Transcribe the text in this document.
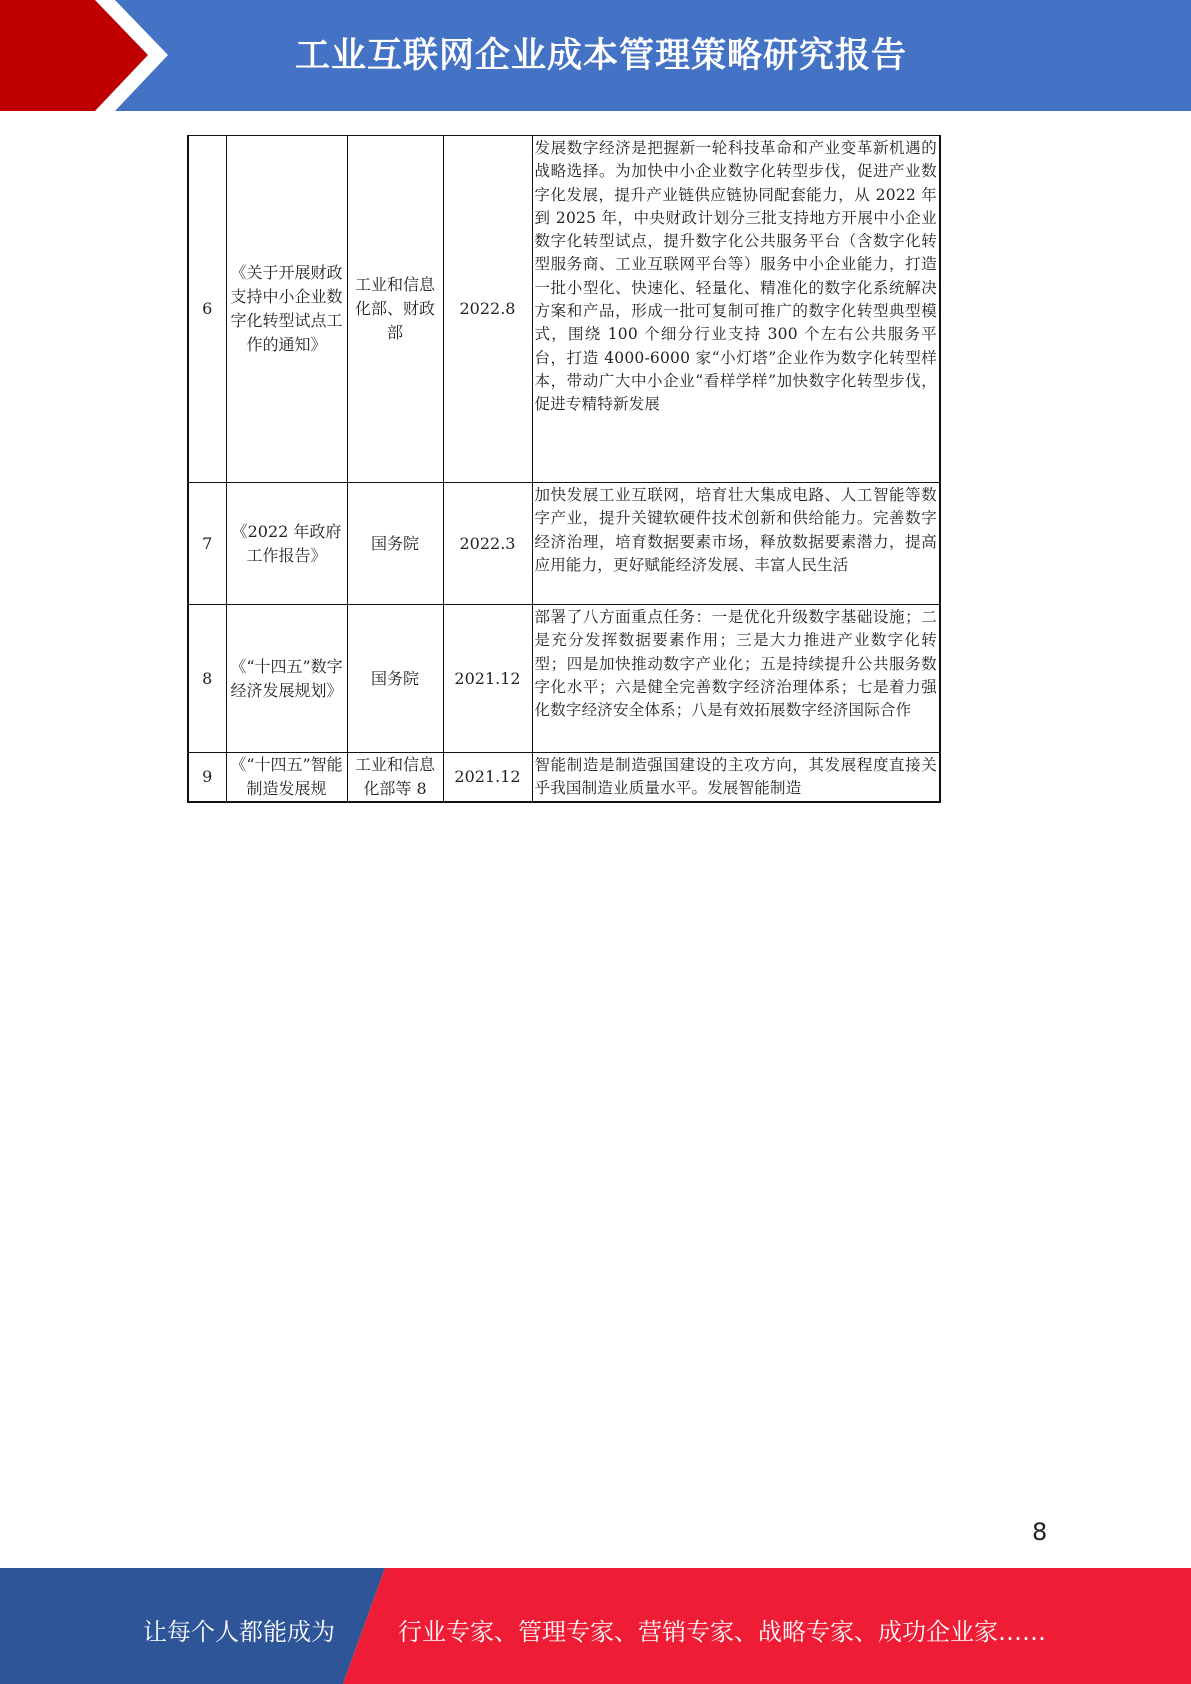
工业互联网企业成本管理策略研究报告
6	《关于开展财政支持中小企业数字化转型试点工作的通知》	工业和信息化部、财政部	2022.8	发展数字经济是把握新一轮科技革命和产业变革新机遇的战略选择。为加快中小企业数字化转型步伐，促进产业数字化发展，提升产业链供应链协同配套能力，从 2022 年到 2025 年，中央财政计划分三批支持地方开展中小企业数字化转型试点，提升数字化公共服务平台（含数字化转型服务商、工业互联网平台等）服务中小企业能力，打造一批小型化、快速化、轻量化、精准化的数字化系统解决方案和产品，形成一批可复制可推广的数字化转型典型模式，围绕 100 个细分行业支持 300 个左右公共服务平台，打造 4000-6000 家“小灯塔”企业作为数字化转型样本，带动广大中小企业“看样学样”加快数字化转型步伐，促进专精特新发展
7	《2022 年政府工作报告》	国务院	2022.3	加快发展工业互联网，培育壮大集成电路、人工智能等数字产业，提升关键软硬件技术创新和供给能力。完善数字经济治理，培育数据要素市场，释放数据要素潜力，提高应用能力，更好赋能经济发展、丰富人民生活
8	《“十四五”数字经济发展规划》	国务院	2021.12	部署了八方面重点任务：一是优化升级数字基础设施；二是充分发挥数据要素作用；三是大力推进产业数字化转型；四是加快推动数字产业化；五是持续提升公共服务数字化水平；六是健全完善数字经济治理体系；七是着力强化数字经济安全体系；八是有效拓展数字经济国际合作
9	《“十四五”智能制造发展规	工业和信息化部等 8	2021.12	智能制造是制造强国建设的主攻方向，其发展程度直接关乎我国制造业质量水平。发展智能制造
8
让每个人都能成为	行业专家、管理专家、营销专家、战略专家、成功企业家……
